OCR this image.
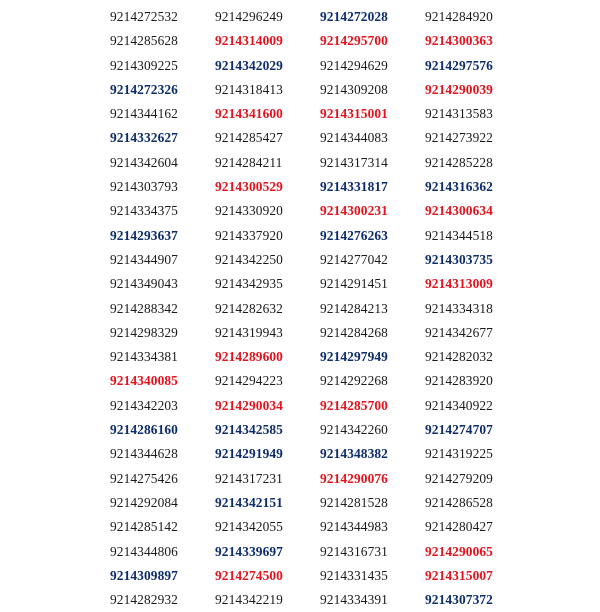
9214272532
9214285628
9214309225
9214272326
9214344162
9214332627
9214342604
9214303793
9214334375
9214293637
9214344907
9214349043
9214288342
9214298329
9214334381
9214340085
9214342203
9214286160
9214344628
9214275426
9214292084
9214285142
9214344806
9214309897
9214282932
9214296249
9214314009
9214342029
9214318413
9214341600
9214285427
9214284211
9214300529
9214330920
9214337920
9214342250
9214342935
9214282632
9214319943
9214289600
9214294223
9214290034
9214342585
9214291949
9214317231
9214342151
9214342055
9214339697
9214274500
9214342219
9214272028
9214295700
9214294629
9214309208
9214315001
9214344083
9214317314
9214331817
9214300231
9214276263
9214277042
9214291451
9214284213
9214284268
9214297949
9214292268
9214285700
9214342260
9214348382
9214290076
9214281528
9214344983
9214316731
9214331435
9214334391
9214284920
9214300363
9214297576
9214290039
9214313583
9214273922
9214285228
9214316362
9214300634
9214344518
9214303735
9214313009
9214334318
9214342677
9214282032
9214283920
9214340922
9214274707
9214319225
9214279209
9214286528
9214280427
9214290065
9214315007
9214307372
